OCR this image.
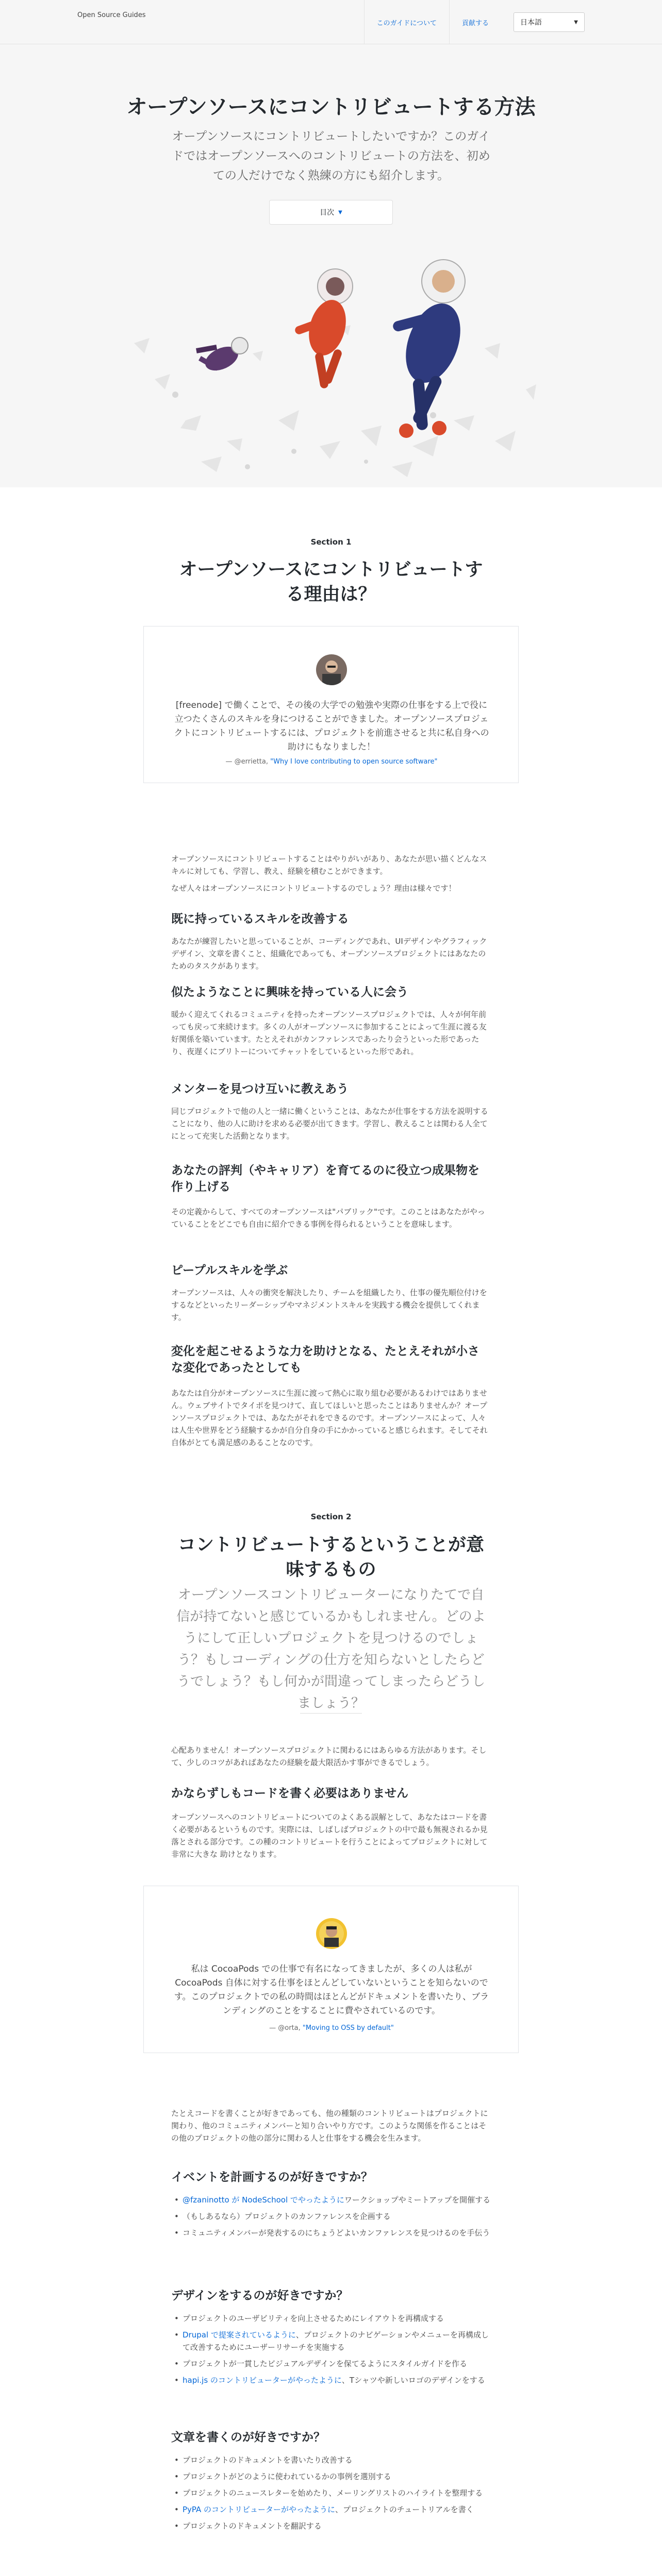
Open Source Guides
このガイドについて	貢献する	日本語	▼
オープンソースにコントリビュートする方法
オープンソースにコントリビュートしたいですか？このガイドではオープンソースへのコントリビュートの方法を、初めての人だけでなく熟練の方にも紹介します。
目次 ▼
Section 1
オープンソースにコントリビュートする理由は？
[freenode] で働くことで、その後の大学での勉強や実際の仕事をする上で役に立つたくさんのスキルを身につけることができました。オープンソースプロジェクトにコントリビュートするには、プロジェクトを前進させると共に私自身への助けにもなりました！
— @errietta, "Why I love contributing to open source software"
オープンソースにコントリビュートすることはやりがいがあり、あなたが思い描くどんなスキルに対しても、学習し、教え、経験を積むことができます。
なぜ人々はオープンソースにコントリビュートするのでしょう？理由は様々です！
既に持っているスキルを改善する
あなたが練習したいと思っていることが、コーディングであれ、UIデザインやグラフィックデザイン、文章を書くこと、組織化であっても、オープンソースプロジェクトにはあなたのためのタスクがあります。
似たようなことに興味を持っている人に会う
暖かく迎えてくれるコミュニティを持ったオープンソースプロジェクトでは、人々が何年前っても戻って来続けます。多くの人がオープンソースに参加することによって生涯に渡る友好関係を築いています。たとえそれがカンファレンスであったり会うといった形であったり、夜遅くにブリトーについてチャットをしているといった形であれ。
メンターを見つけ互いに教えあう
同じプロジェクトで他の人と一緒に働くということは、あなたが仕事をする方法を説明することになり、他の人に助けを求める必要が出てきます。学習し、教えることは関わる人全てにとって充実した活動となります。
あなたの評判（やキャリア）を育てるのに役立つ成果物を作り上げる
その定義からして、すべてのオープンソースは"パブリック"です。このことはあなたがやっていることをどこでも自由に紹介できる事例を得られるということを意味します。
ピープルスキルを学ぶ
オープンソースは、人々の衝突を解決したり、チームを組織したり、仕事の優先順位付けをするなどといったリーダーシップやマネジメントスキルを実践する機会を提供してくれます。
変化を起こせるような力を助けとなる、たとえそれが小さな変化であったとしても
あなたは自分がオープンソースに生涯に渡って熱心に取り組む必要があるわけではありません。ウェブサイトでタイポを見つけて、直してほしいと思ったことはありませんか？オープンソースプロジェクトでは、あなたがそれをできるのです。オープンソースによって、人々は人生や世界をどう経験するかが自分自身の手にかかっていると感じられます。そしてそれ自体がとても満足感のあることなのです。
Section 2
コントリビュートするということが意味するもの
オープンソースコントリビューターになりたてで自信が持てないと感じているかもしれません。どのようにして正しいプロジェクトを見つけるのでしょう？もしコーディングの仕方を知らないとしたらどうでしょう？もし何かが間違ってしまったらどうしましょう？
心配ありません！オープンソースプロジェクトに関わるにはあらゆる方法があります。そして、少しのコツがあればあなたの経験を最大限活かす事ができるでしょう。
かならずしもコードを書く必要はありません
オープンソースへのコントリビュートについてのよくある誤解として、あなたはコードを書く必要があるというものです。実際には、しばしばプロジェクトの中で最も無視されるか見落とされる部分です。この種のコントリビュートを行うことによってプロジェクトに対して非常に大きな 助けとなります。
私は CocoaPods での仕事で有名になってきましたが、多くの人は私がCocoaPods 自体に対する仕事をほとんどしていないということを知らないのです。このプロジェクトでの私の時間はほとんどがドキュメントを書いたり、ブランディングのことをすることに費やされているのです。
— @orta, "Moving to OSS by default"
たとえコードを書くことが好きであっても、他の種類のコントリビュートはプロジェクトに関わり、他のコミュニティメンバーと知り合いやり方です。このような関係を作ることはその他のプロジェクトの他の部分に関わる人と仕事をする機会を生みます。
イベントを計画するのが好きですか？
• @fzaninotto が NodeSchool でやったようにワークショップやミートアップを開催する
• （もしあるなら）プロジェクトのカンファレンスを企画する
• コミュニティメンバーが発表するのにちょうどよいカンファレンスを見つけるのを手伝う
デザインをするのが好きですか？
• プロジェクトのユーザビリティを向上させるためにレイアウトを再構成する
• Drupal で提案されているように、プロジェクトのナビゲーションやメニューを再構成して改善するためにユーザーリサーチを実施する
• プロジェクトが一貫したビジュアルデザインを保てるようにスタイルガイドを作る
• hapi.js のコントリビューターがやったように、Tシャツや新しいロゴのデザインをする
文章を書くのが好きですか？
• プロジェクトのドキュメントを書いたり改善する
• プロジェクトがどのように使われているかの事例を選別する
• プロジェクトのニュースレターを始めたり、メーリングリストのハイライトを整理する
• PyPA のコントリビューターがやったように、プロジェクトのチュートリアルを書く
• プロジェクトのドキュメントを翻訳する
